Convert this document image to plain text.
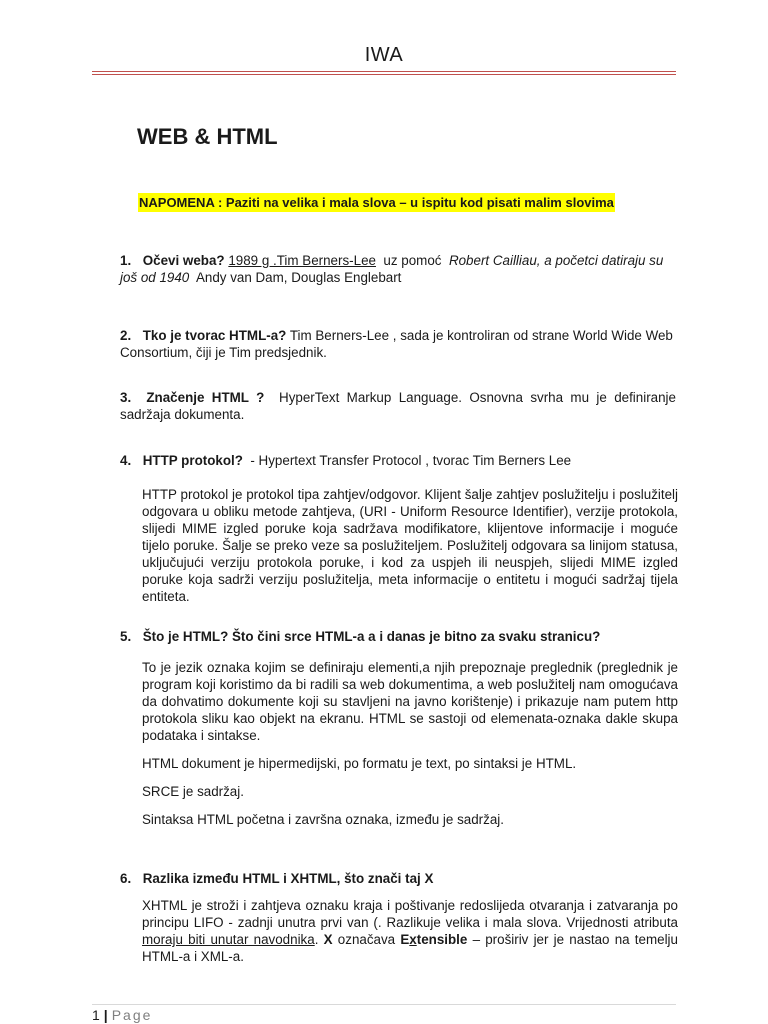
IWA
WEB & HTML
NAPOMENA : Paziti na velika i mala slova – u ispitu kod pisati malim slovima
1. Očevi weba? 1989 g .Tim Berners-Lee uz pomoć Robert Cailliau, a početci datiraju su još od 1940 Andy van Dam, Douglas Englebart
2. Tko je tvorac HTML-a? Tim Berners-Lee , sada je kontroliran od strane World Wide Web Consortium, čiji je Tim predsjednik.
3. Značenje HTML ? HyperText Markup Language. Osnovna svrha mu je definiranje sadržaja dokumenta.
4. HTTP protokol? - Hypertext Transfer Protocol , tvorac Tim Berners Lee

HTTP protokol je protokol tipa zahtjev/odgovor. Klijent šalje zahtjev poslužitelju i poslužitelj odgovara u obliku metode zahtjeva, (URI - Uniform Resource Identifier), verzije protokola, slijedi MIME izgled poruke koja sadržava modifikatore, klijentove informacije i moguće tijelo poruke. Šalje se preko veze sa poslužiteljem. Poslužitelj odgovara sa linijom statusa, uključujući verziju protokola poruke, i kod za uspjeh ili neuspjeh, slijedi MIME izgled poruke koja sadrži verziju poslužitelja, meta informacije o entitetu i mogući sadržaj tijela entiteta.

5. Što je HTML? Što čini srce HTML-a a i danas je bitno za svaku stranicu?

To je jezik oznaka kojim se definiraju elementi,a njih prepoznaje preglednik (preglednik je program koji koristimo da bi radili sa web dokumentima, a web poslužitelj nam omogućava da dohvatimo dokumente koji su stavljeni na javno korištenje) i prikazuje nam putem http protokola sliku kao objekt na ekranu. HTML se sastoji od elemenata-oznaka dakle skupa podataka i sintakse.

HTML dokument je hipermedijski, po formatu je text, po sintaksi je HTML.

SRCE je sadržaj.

Sintaksa HTML početna i završna oznaka, između je sadržaj.

6. Razlika između HTML i XHTML, što znači taj X

XHTML je stroži i zahtjeva oznaku kraja i poštivanje redoslijeda otvaranja i zatvaranja po principu LIFO - zadnji unutra prvi van (. Razlikuje velika i mala slova. Vrijednosti atributa moraju biti unutar navodnika. X označava Extensible – proširiv jer je nastao na temelju HTML-a i XML-a.

1 | Page
